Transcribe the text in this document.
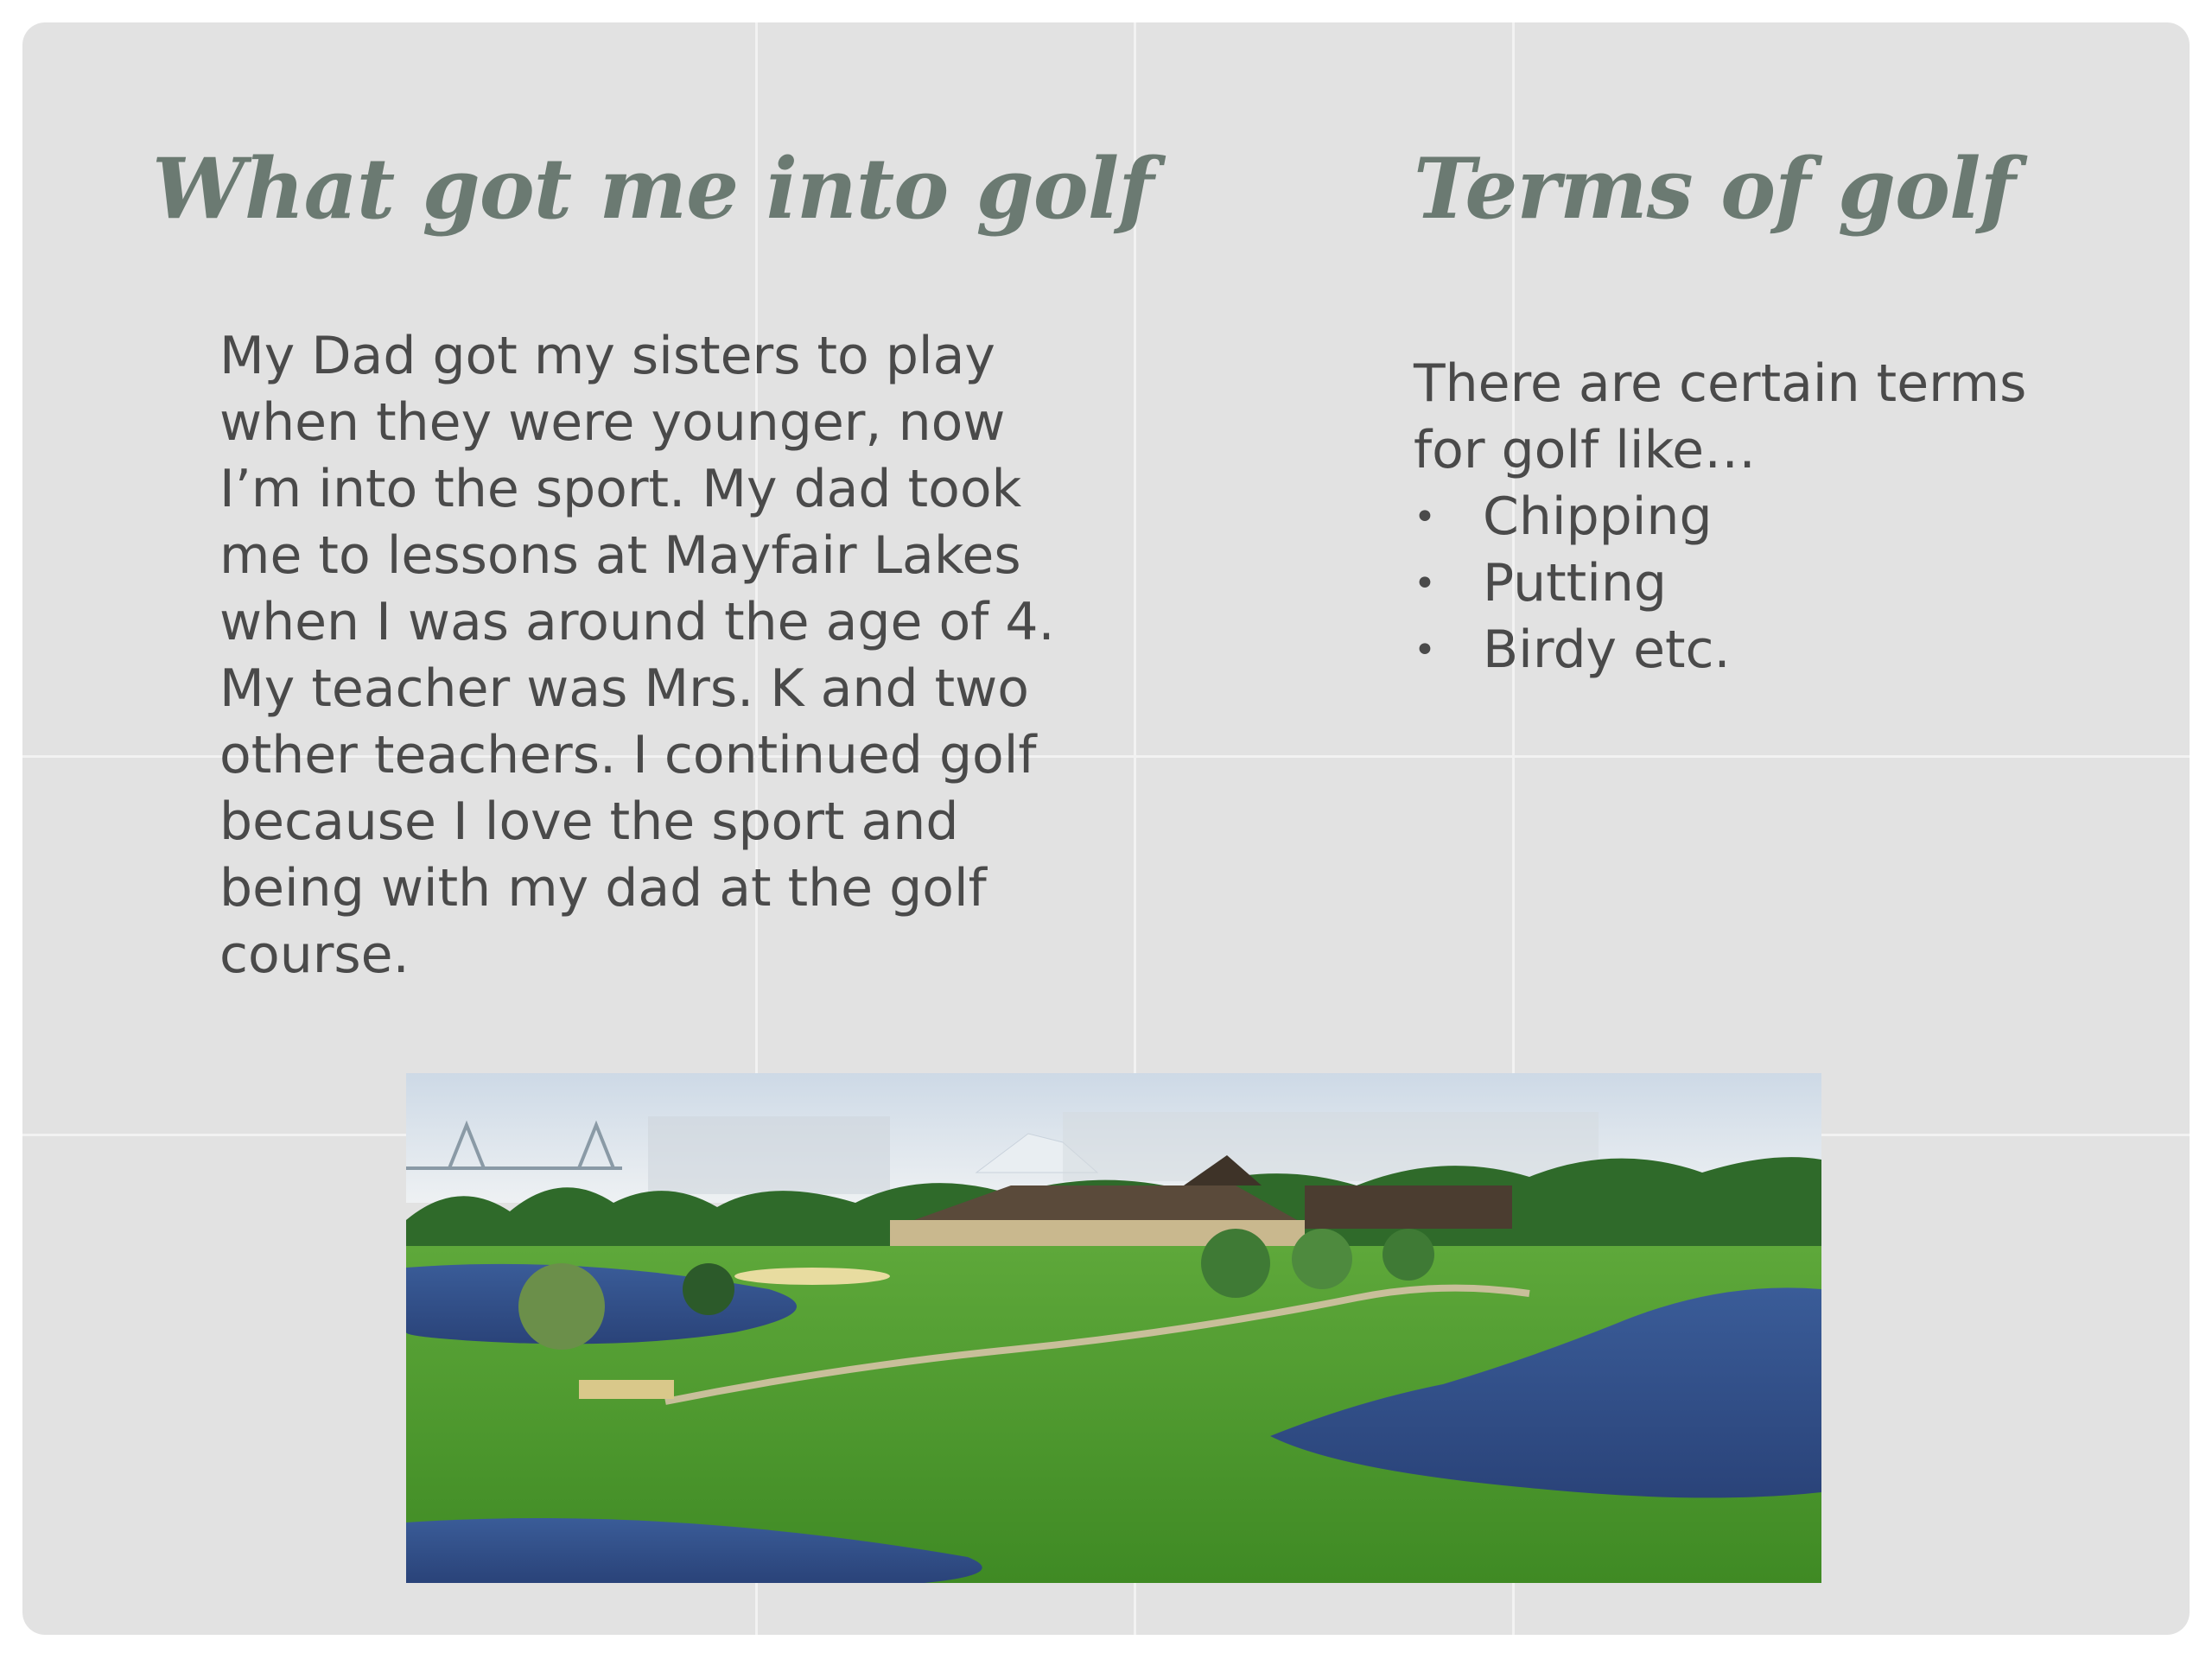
What got me into golf

My Dad got my sisters to play when they were younger, now I’m into the sport. My dad took me to lessons at Mayfair Lakes when I was around the age of 4. My teacher was Mrs. K and two other teachers. I continued golf because I love the sport and being with my dad at the golf course.

Terms of golf

There are certain terms for golf like…

• Chipping
• Putting
• Birdy etc.
